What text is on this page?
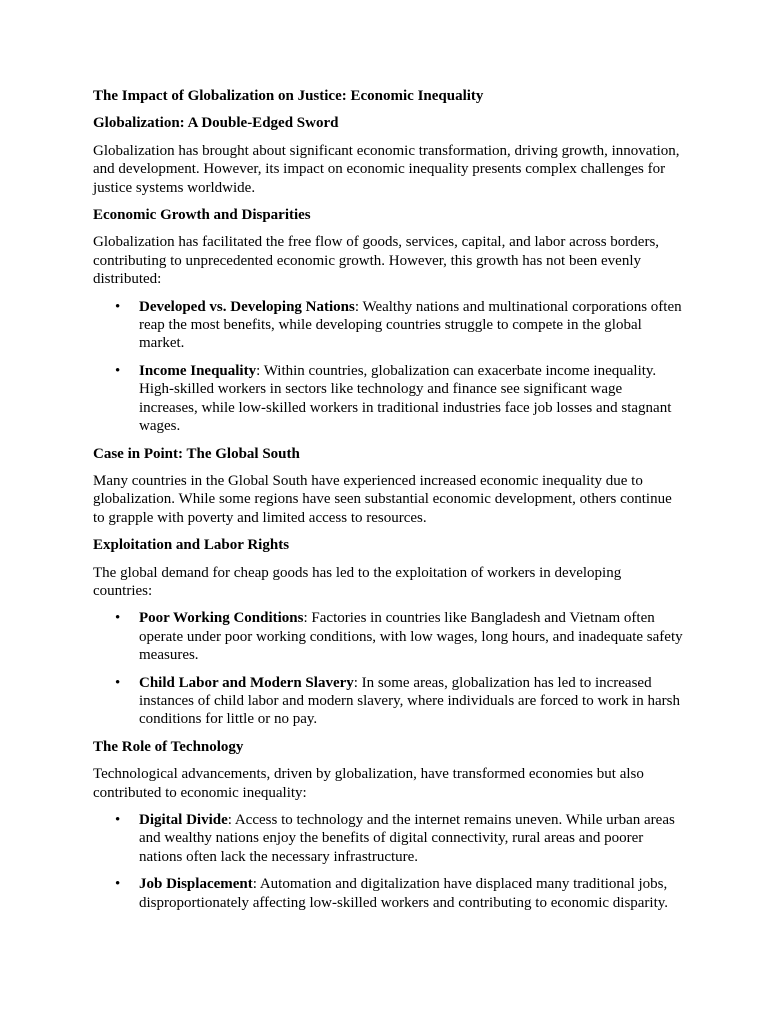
The Impact of Globalization on Justice: Economic Inequality
Globalization: A Double-Edged Sword

Globalization has brought about significant economic transformation, driving growth, innovation, and development. However, its impact on economic inequality presents complex challenges for justice systems worldwide.

Economic Growth and Disparities

Globalization has facilitated the free flow of goods, services, capital, and labor across borders, contributing to unprecedented economic growth. However, this growth has not been evenly distributed:

• Developed vs. Developing Nations: Wealthy nations and multinational corporations often reap the most benefits, while developing countries struggle to compete in the global market.
• Income Inequality: Within countries, globalization can exacerbate income inequality. High-skilled workers in sectors like technology and finance see significant wage increases, while low-skilled workers in traditional industries face job losses and stagnant wages.
Case in Point: The Global South

Many countries in the Global South have experienced increased economic inequality due to globalization. While some regions have seen substantial economic development, others continue to grapple with poverty and limited access to resources.

Exploitation and Labor Rights

The global demand for cheap goods has led to the exploitation of workers in developing countries:

• Poor Working Conditions: Factories in countries like Bangladesh and Vietnam often operate under poor working conditions, with low wages, long hours, and inadequate safety measures.
• Child Labor and Modern Slavery: In some areas, globalization has led to increased instances of child labor and modern slavery, where individuals are forced to work in harsh conditions for little or no pay.
The Role of Technology

Technological advancements, driven by globalization, have transformed economies but also contributed to economic inequality:

• Digital Divide: Access to technology and the internet remains uneven. While urban areas and wealthy nations enjoy the benefits of digital connectivity, rural areas and poorer nations often lack the necessary infrastructure.
• Job Displacement: Automation and digitalization have displaced many traditional jobs, disproportionately affecting low-skilled workers and contributing to economic disparity.
